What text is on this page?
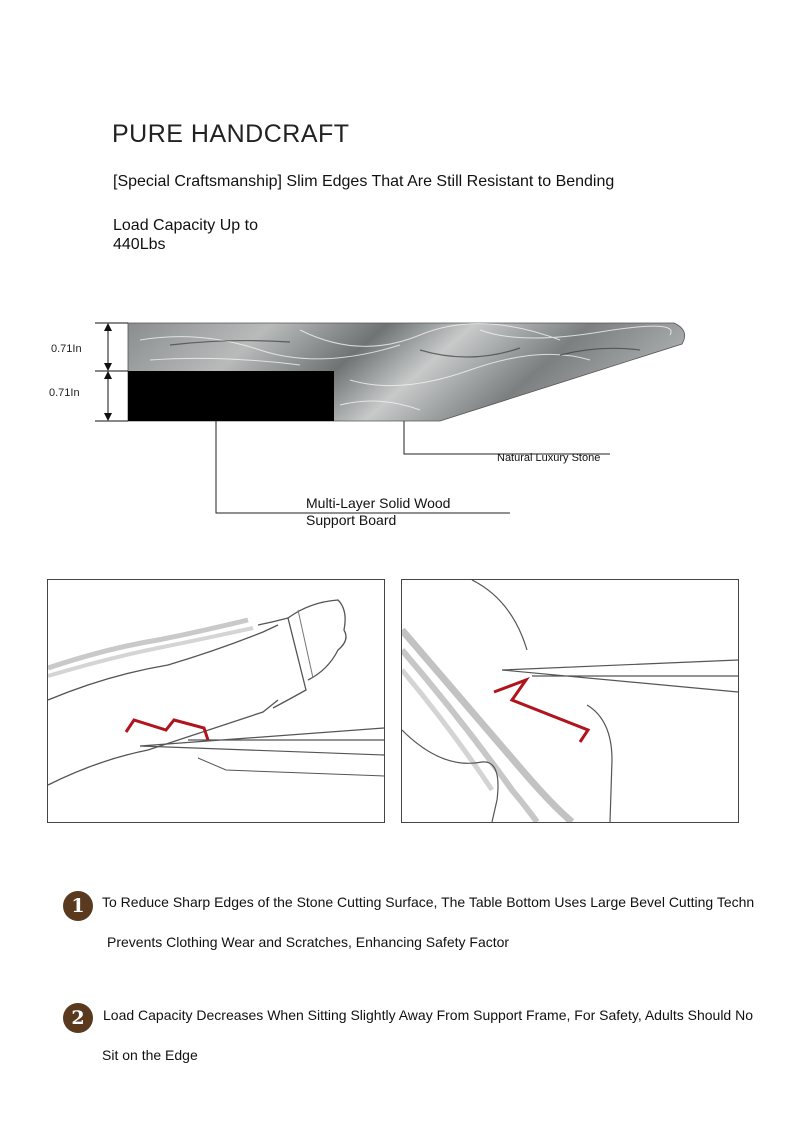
PURE HANDCRAFT
[Special Craftsmanship] Slim Edges That Are Still Resistant to Bending
Load Capacity Up to
440Lbs
0.71In
0.71In
Natural Luxury Stone
Multi-Layer Solid Wood
Support Board
1	To Reduce Sharp Edges of the Stone Cutting Surface, The Table Bottom Uses Large Bevel Cutting Techn
Prevents Clothing Wear and Scratches, Enhancing Safety Factor
2	Load Capacity Decreases When Sitting Slightly Away From Support Frame, For Safety, Adults Should No
Sit on the Edge
